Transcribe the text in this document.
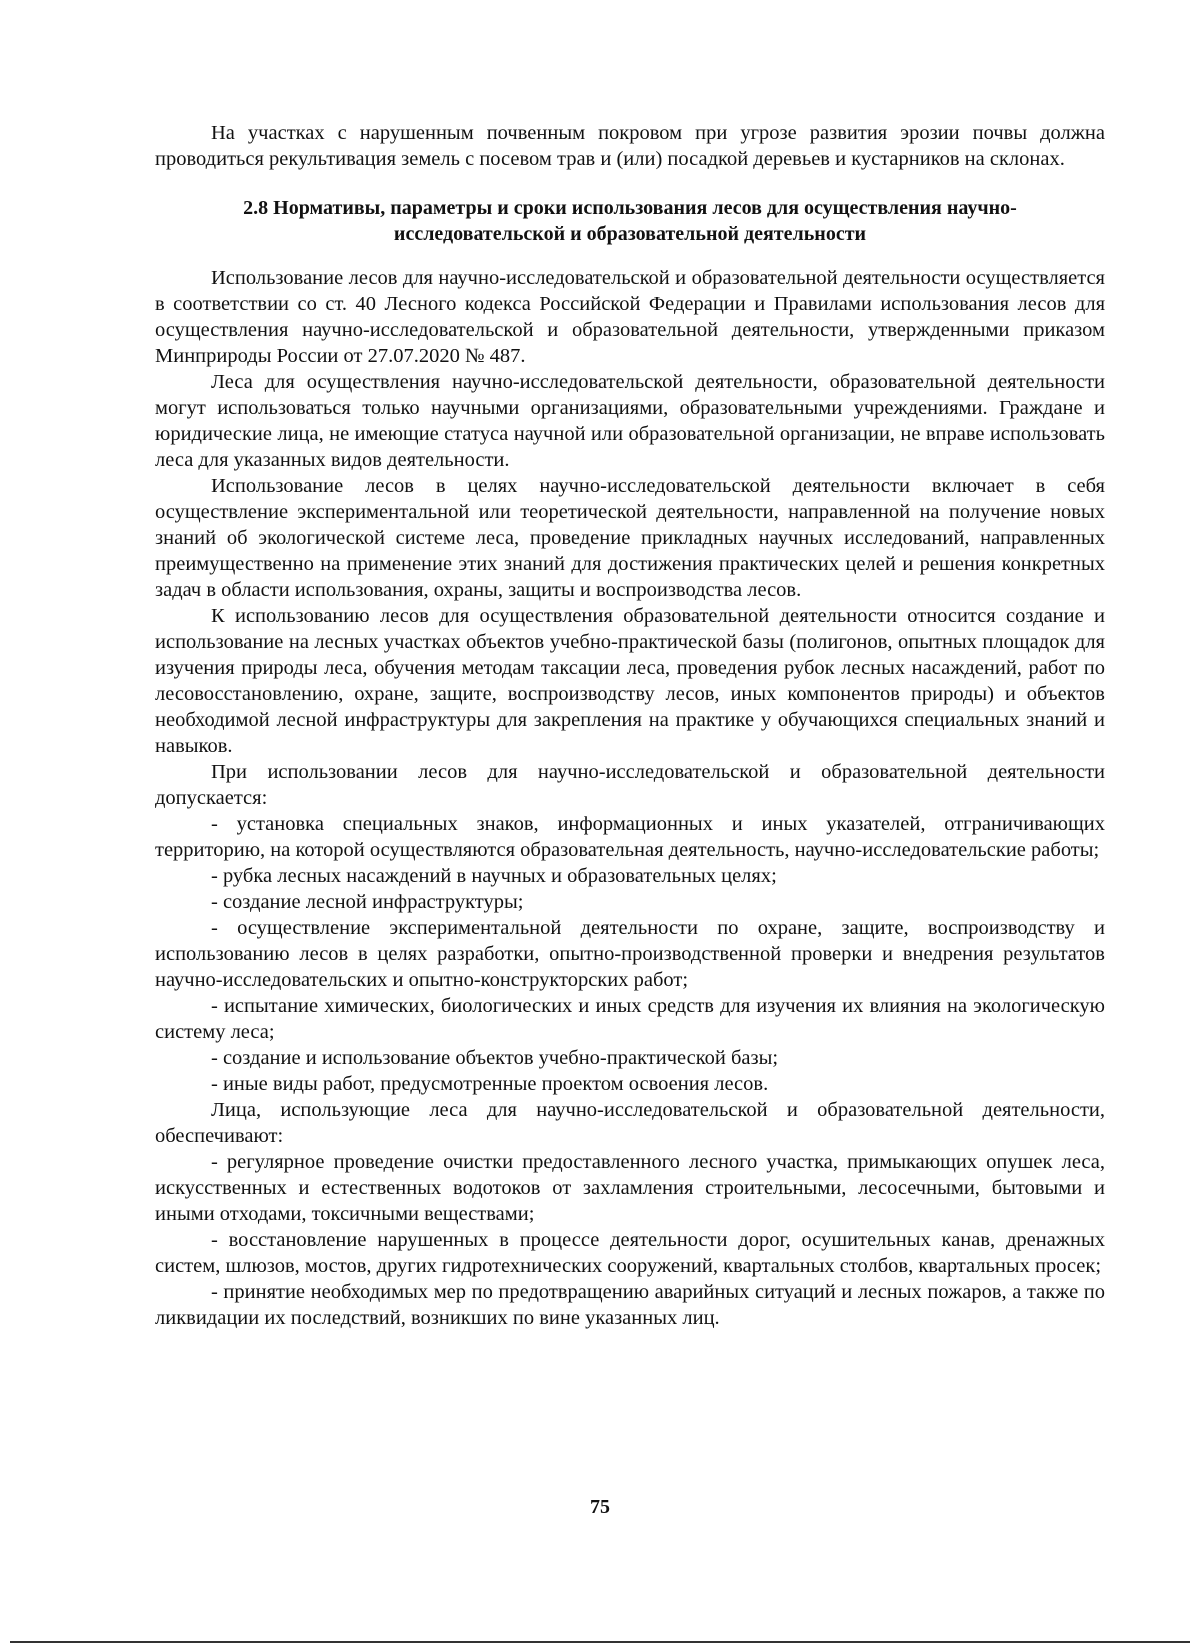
На участках с нарушенным почвенным покровом при угрозе развития эрозии почвы должна проводиться рекультивация земель с посевом трав и (или) посадкой деревьев и кустарников на склонах.

2.8 Нормативы, параметры и сроки использования лесов для осуществления научно-исследовательской и образовательной деятельности

Использование лесов для научно-исследовательской и образовательной деятельности осуществляется в соответствии со ст. 40 Лесного кодекса Российской Федерации и Правилами использования лесов для осуществления научно-исследовательской и образовательной деятельности, утвержденными приказом Минприроды России от 27.07.2020 № 487.

Леса для осуществления научно-исследовательской деятельности, образовательной деятельности могут использоваться только научными организациями, образовательными учреждениями. Граждане и юридические лица, не имеющие статуса научной или образовательной организации, не вправе использовать леса для указанных видов деятельности.

Использование лесов в целях научно-исследовательской деятельности включает в себя осуществление экспериментальной или теоретической деятельности, направленной на получение новых знаний об экологической системе леса, проведение прикладных научных исследований, направленных преимущественно на применение этих знаний для достижения практических целей и решения конкретных задач в области использования, охраны, защиты и воспроизводства лесов.

К использованию лесов для осуществления образовательной деятельности относится создание и использование на лесных участках объектов учебно-практической базы (полигонов, опытных площадок для изучения природы леса, обучения методам таксации леса, проведения рубок лесных насаждений, работ по лесовосстановлению, охране, защите, воспроизводству лесов, иных компонентов природы) и объектов необходимой лесной инфраструктуры для закрепления на практике у обучающихся специальных знаний и навыков.

При использовании лесов для научно-исследовательской и образовательной деятельности допускается:

- установка специальных знаков, информационных и иных указателей, отграничивающих территорию, на которой осуществляются образовательная деятельность, научно-исследовательские работы;

- рубка лесных насаждений в научных и образовательных целях;

- создание лесной инфраструктуры;

- осуществление экспериментальной деятельности по охране, защите, воспроизводству и использованию лесов в целях разработки, опытно-производственной проверки и внедрения результатов научно-исследовательских и опытно-конструкторских работ;

- испытание химических, биологических и иных средств для изучения их влияния на экологическую систему леса;

- создание и использование объектов учебно-практической базы;

- иные виды работ, предусмотренные проектом освоения лесов.

Лица, использующие леса для научно-исследовательской и образовательной деятельности, обеспечивают:

- регулярное проведение очистки предоставленного лесного участка, примыкающих опушек леса, искусственных и естественных водотоков от захламления строительными, лесосечными, бытовыми и иными отходами, токсичными веществами;

- восстановление нарушенных в процессе деятельности дорог, осушительных канав, дренажных систем, шлюзов, мостов, других гидротехнических сооружений, квартальных столбов, квартальных просек;

- принятие необходимых мер по предотвращению аварийных ситуаций и лесных пожаров, а также по ликвидации их последствий, возникших по вине указанных лиц.

75
